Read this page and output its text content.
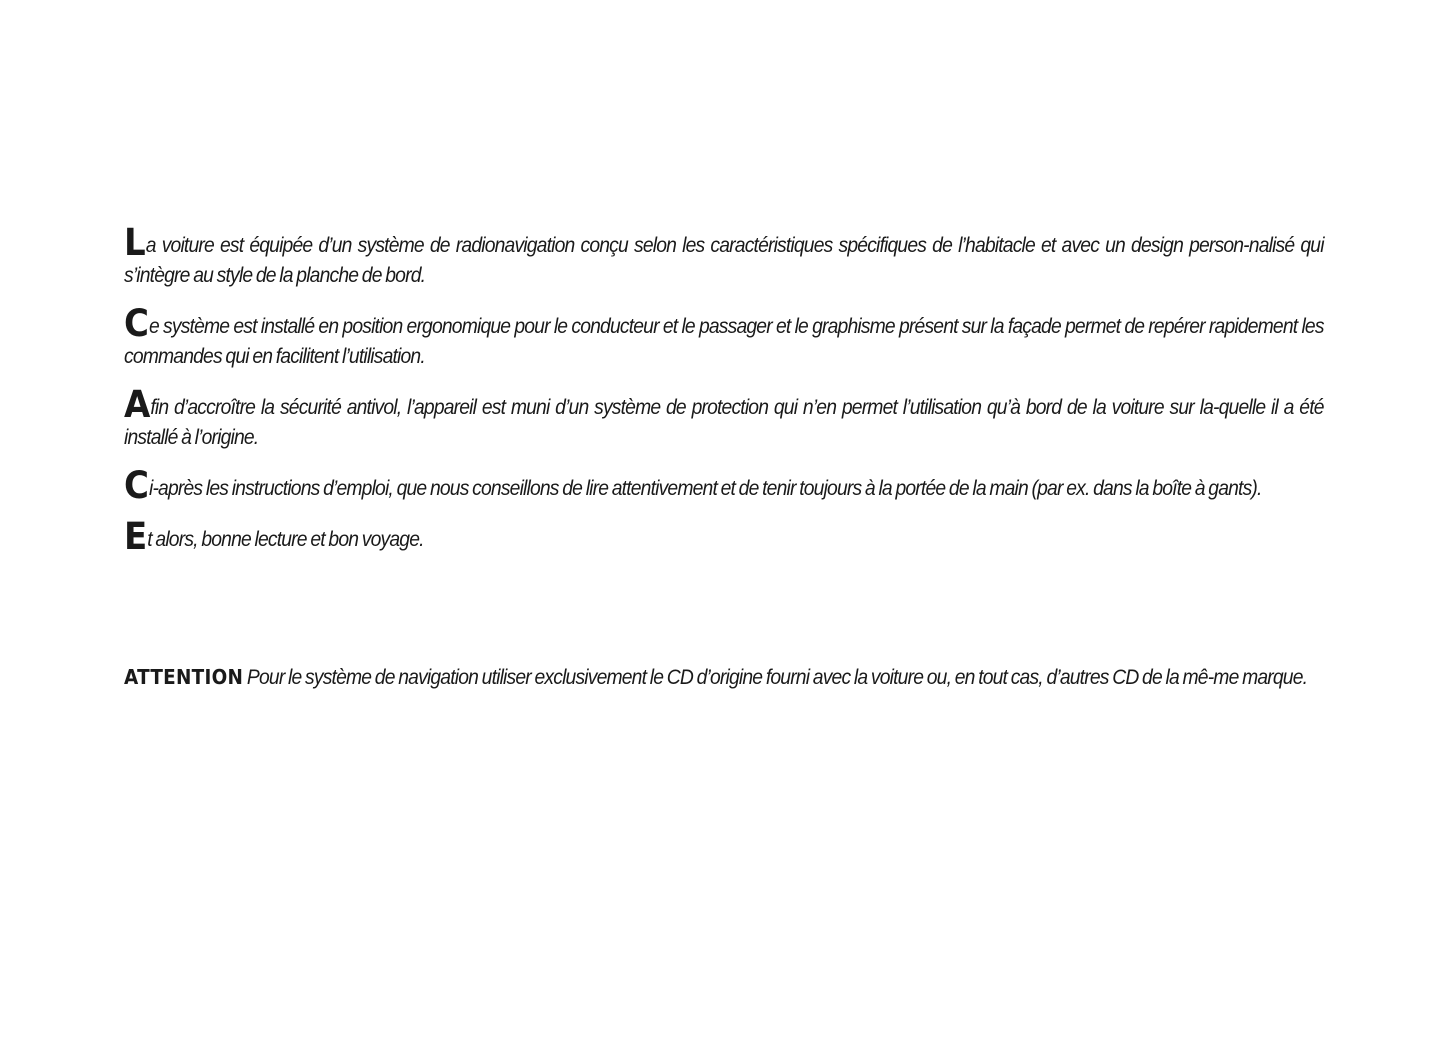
La voiture est équipée d’un système de radionavigation conçu selon les caractéristiques spécifiques de l’habitacle et avec un design person-nalisé qui s’intègre au style de la planche de bord.

Ce système est installé en position ergonomique pour le conducteur et le passager et le graphisme présent sur la façade permet de repérer rapidement les commandes qui en facilitent l’utilisation.

Afin d’accroître la sécurité antivol, l’appareil est muni d’un système de protection qui n’en permet l’utilisation qu’à bord de la voiture sur la-quelle il a été installé à l’origine.

Ci-après les instructions d’emploi, que nous conseillons de lire attentivement et de tenir toujours à la portée de la main (par ex. dans la boîte à gants).

Et alors, bonne lecture et bon voyage.

ATTENTION Pour le système de navigation utiliser exclusivement le CD d’origine fourni avec la voiture ou, en tout cas, d’autres CD de la mê-me marque.
